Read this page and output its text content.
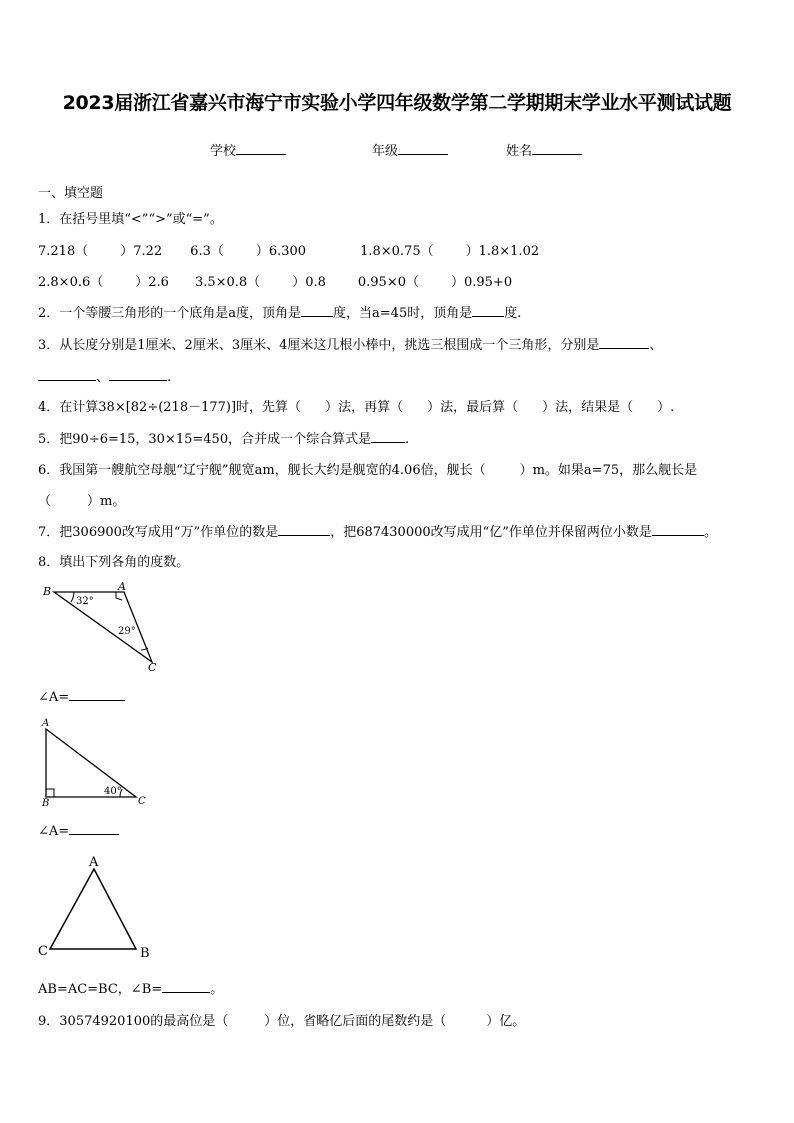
2023届浙江省嘉兴市海宁市实验小学四年级数学第二学期期末学业水平测试试题
学校	年级	姓名
一、填空题
1．在括号里填“<”“>”或“=”。
7.218（ ）7.22 6.3（ ）6.300	1.8×0.75（ ）1.8×1.02
2.8×0.6（ ）2.6 3.5×0.8（ ）0.8 0.95×0（ ）0.95+0
2．一个等腰三角形的一个底角是a度，顶角是 度，当a=45时，顶角是 度.
3．从长度分别是1厘米、2厘米、3厘米、4厘米这几根小棒中，挑选三根围成一个三角形，分别是	、
、	.
4．在计算38×[82÷(218－177)]时，先算（ ）法，再算（ ）法，最后算（ ）法，结果是（ ）.
5．把90÷6=15，30×15=450，合并成一个综合算式是	.
6．我国第一艘航空母舰“辽宁舰”舰宽am，舰长大约是舰宽的4.06倍，舰长（	）m。如果a=75，那么舰长是
（	）m。
7．把306900改写成用“万”作单位的数是	，把687430000改写成用“亿”作单位并保留两位小数是	。
8．填出下列各角的度数。
B	A
C
32°
29°
∠A=
A
B	C
40°
∠A=
A
C	B
AB=AC=BC，∠B=	。
9．30574920100的最高位是（	）位，省略亿后面的尾数约是（	）亿。
